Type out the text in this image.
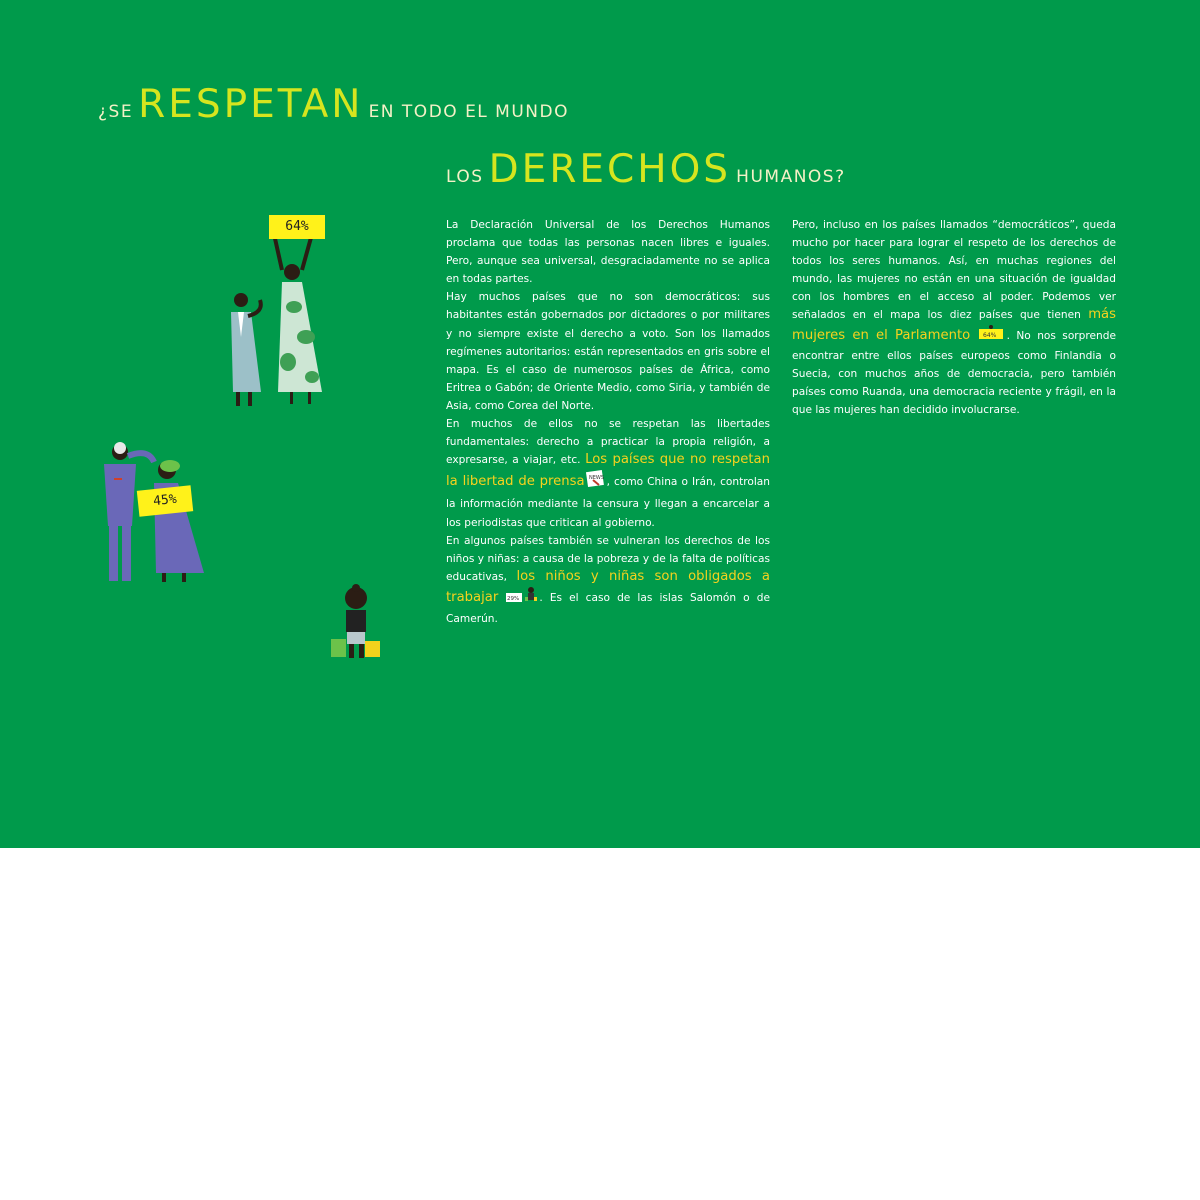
¿SE RESPETAN EN TODO EL MUNDO
LOS DERECHOS HUMANOS?

La Declaración Universal de los Derechos Humanos proclama que todas las personas nacen libres e iguales. Pero, aunque sea universal, desgraciadamente no se aplica en todas partes.

Hay muchos países que no son democráticos: sus habitantes están gobernados por dictadores o por militares y no siempre existe el derecho a voto. Son los llamados regímenes autoritarios: están representados en gris sobre el mapa. Es el caso de numerosos países de África, como Eritrea o Gabón; de Oriente Medio, como Siria, y también de Asia, como Corea del Norte.

En muchos de ellos no se respetan las libertades fundamentales: derecho a practicar la propia religión, a expresarse, a viajar, etc. Los países que no respetan la libertad de prensa NEWS , como China o Irán, controlan la información mediante la censura y llegan a encarcelar a los periodistas que critican al gobierno.

En algunos países también se vulneran los derechos de los niños y niñas: a causa de la pobreza y de la falta de políticas educativas, los niños y niñas son obligados a trabajar 29% . Es el caso de las islas Salomón o de Camerún.

Pero, incluso en los países llamados “democráticos”, queda mucho por hacer para lograr el respeto de los derechos de todos los seres humanos. Así, en muchas regiones del mundo, las mujeres no están en una situación de igualdad con los hombres en el acceso al poder. Podemos ver señalados en el mapa los diez países que tienen más mujeres en el Parlamento 64% . No nos sorprende encontrar entre ellos países europeos como Finlandia o Suecia, con muchos años de democracia, pero también países como Ruanda, una democracia reciente y frágil, en la que las mujeres han decidido involucrarse.

64%
45%
